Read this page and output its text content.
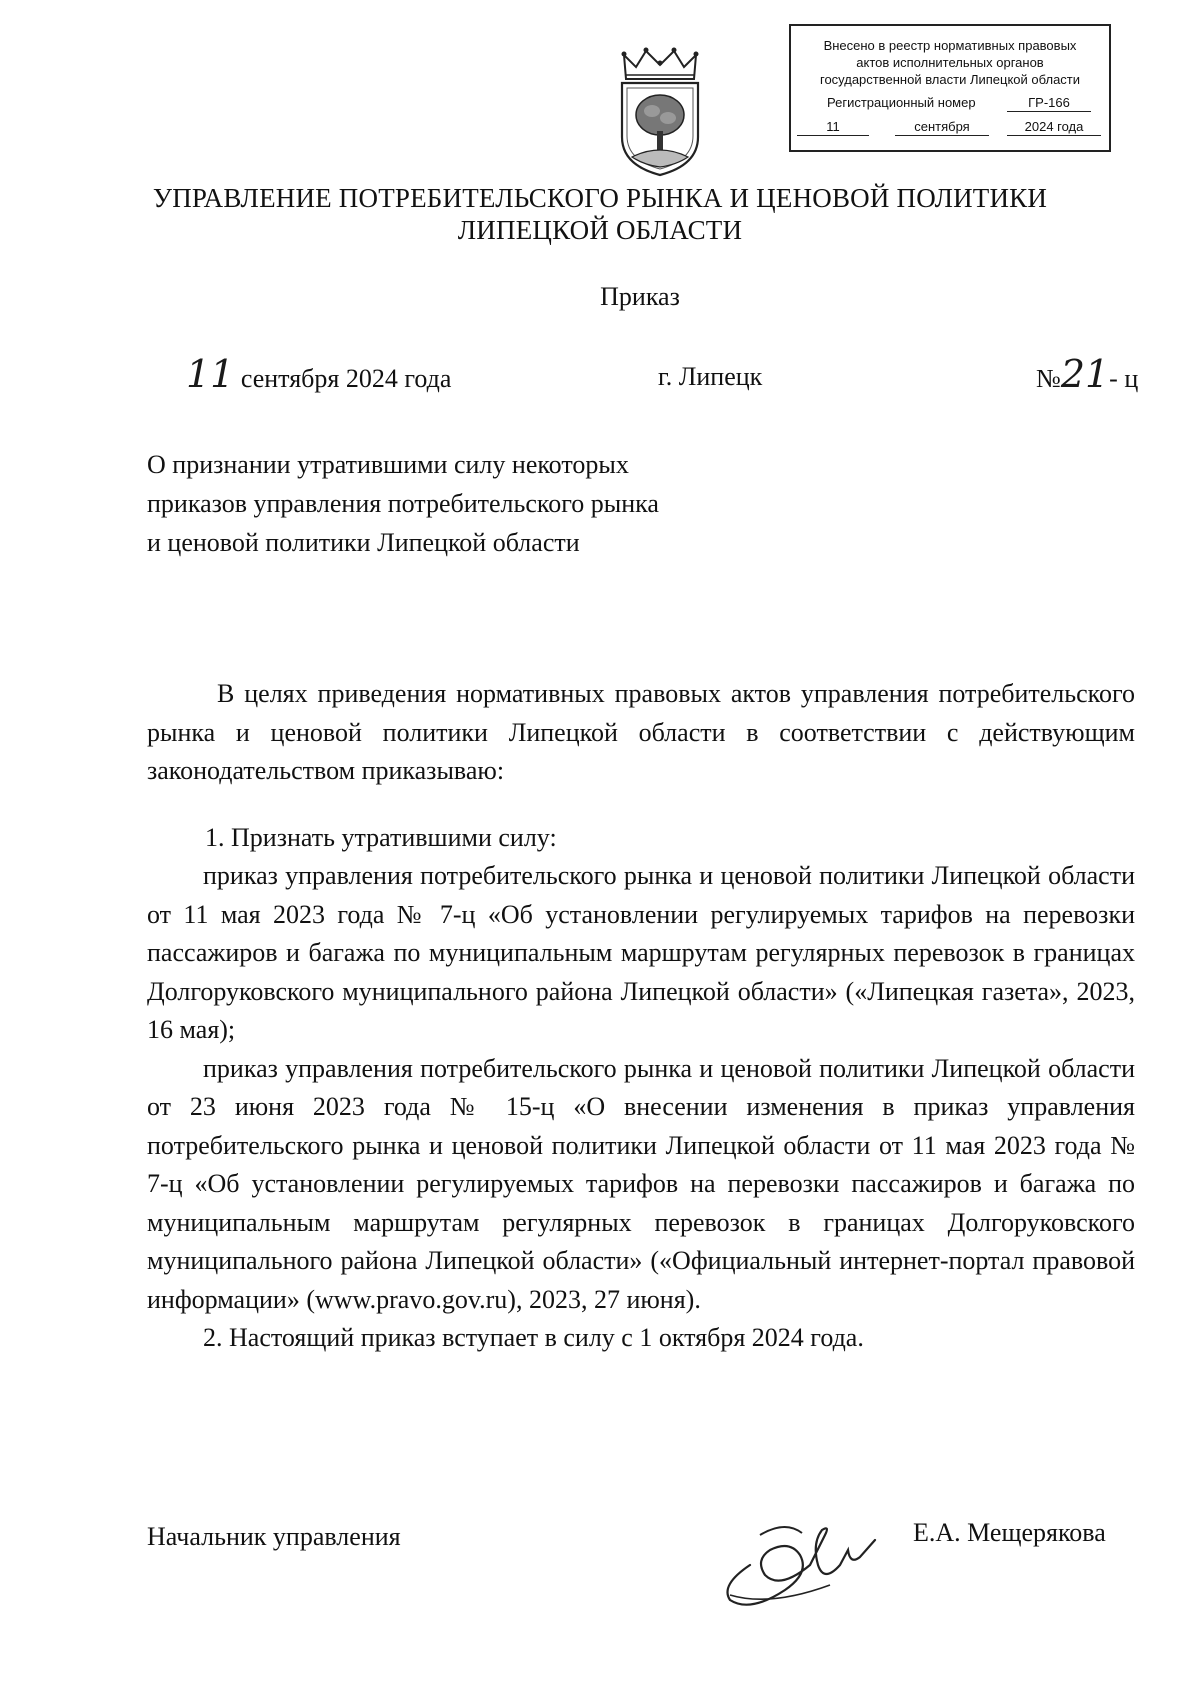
Внесено в реестр нормативных правовых
актов исполнительных органов
государственной власти Липецкой области
Регистрационный номер	ГР-166
11	сентября	2024 года
УПРАВЛЕНИЕ ПОТРЕБИТЕЛЬСКОГО РЫНКА И ЦЕНОВОЙ ПОЛИТИКИ
ЛИПЕЦКОЙ ОБЛАСТИ
Приказ
11 сентября 2024 года	г. Липецк	№21- ц
О признании утратившими силу некоторых
приказов управления потребительского рынка
и ценовой политики Липецкой области

В целях приведения нормативных правовых актов управления потребительского рынка и ценовой политики Липецкой области в соответствии с действующим законодательством приказываю:

1. Признать утратившими силу:

приказ управления потребительского рынка и ценовой политики Липецкой области от 11 мая 2023 года № 7-ц «Об установлении регулируемых тарифов на перевозки пассажиров и багажа по муниципальным маршрутам регулярных перевозок в границах Долгоруковского муниципального района Липецкой области» («Липецкая газета», 2023, 16 мая);

приказ управления потребительского рынка и ценовой политики Липецкой области от 23 июня 2023 года № 15-ц «О внесении изменения в приказ управления потребительского рынка и ценовой политики Липецкой области от 11 мая 2023 года № 7-ц «Об установлении регулируемых тарифов на перевозки пассажиров и багажа по муниципальным маршрутам регулярных перевозок в границах Долгоруковского муниципального района Липецкой области» («Официальный интернет-портал правовой информации» (www.pravo.gov.ru), 2023, 27 июня).

2. Настоящий приказ вступает в силу с 1 октября 2024 года.

Начальник управления	Е.А. Мещерякова
